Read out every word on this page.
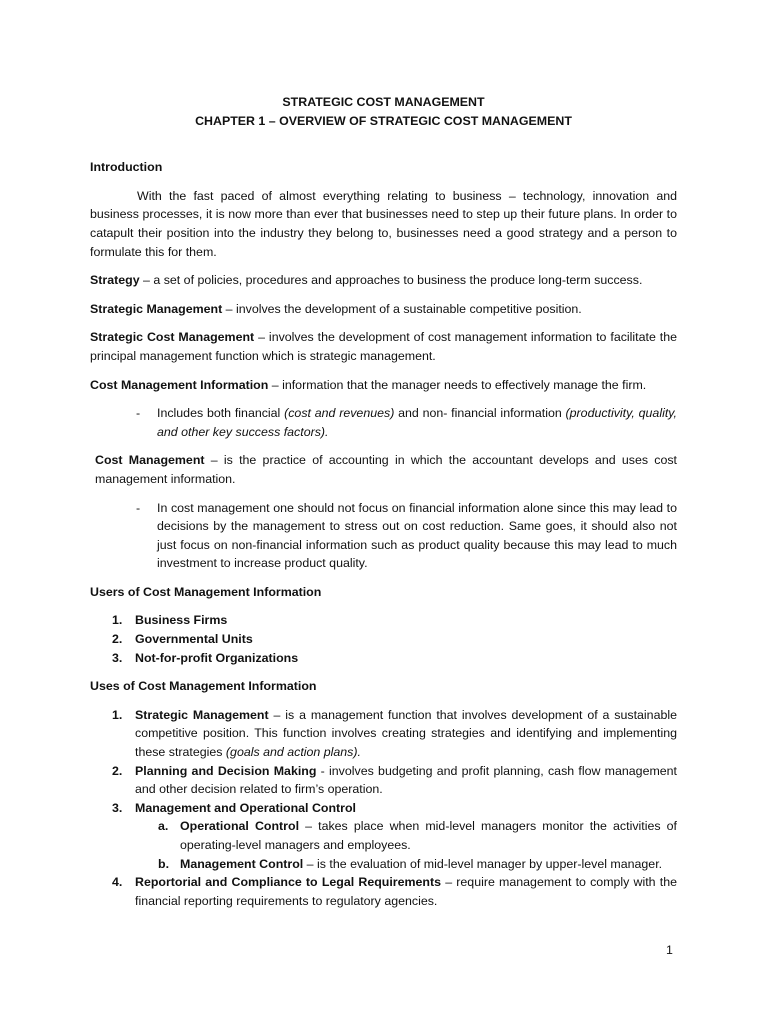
STRATEGIC COST MANAGEMENT

CHAPTER 1 – OVERVIEW OF STRATEGIC COST MANAGEMENT

Introduction

With the fast paced of almost everything relating to business – technology, innovation and business processes, it is now more than ever that businesses need to step up their future plans. In order to catapult their position into the industry they belong to, businesses need a good strategy and a person to formulate this for them.

Strategy – a set of policies, procedures and approaches to business the produce long-term success.

Strategic Management – involves the development of a sustainable competitive position.

Strategic Cost Management – involves the development of cost management information to facilitate the principal management function which is strategic management.

Cost Management Information – information that the manager needs to effectively manage the firm.

- Includes both financial (cost and revenues) and non- financial information (productivity, quality, and other key success factors).

Cost Management – is the practice of accounting in which the accountant develops and uses cost management information.

- In cost management one should not focus on financial information alone since this may lead to decisions by the management to stress out on cost reduction. Same goes, it should also not just focus on non-financial information such as product quality because this may lead to much investment to increase product quality.

Users of Cost Management Information

1. Business Firms
2. Governmental Units
3. Not-for-profit Organizations

Uses of Cost Management Information

1. Strategic Management – is a management function that involves development of a sustainable competitive position. This function involves creating strategies and identifying and implementing these strategies (goals and action plans).
2. Planning and Decision Making - involves budgeting and profit planning, cash flow management and other decision related to firm’s operation.
3. Management and Operational Control
a. Operational Control – takes place when mid-level managers monitor the activities of operating-level managers and employees.
b. Management Control – is the evaluation of mid-level manager by upper-level manager.
4. Reportorial and Compliance to Legal Requirements – require management to comply with the financial reporting requirements to regulatory agencies.
1
